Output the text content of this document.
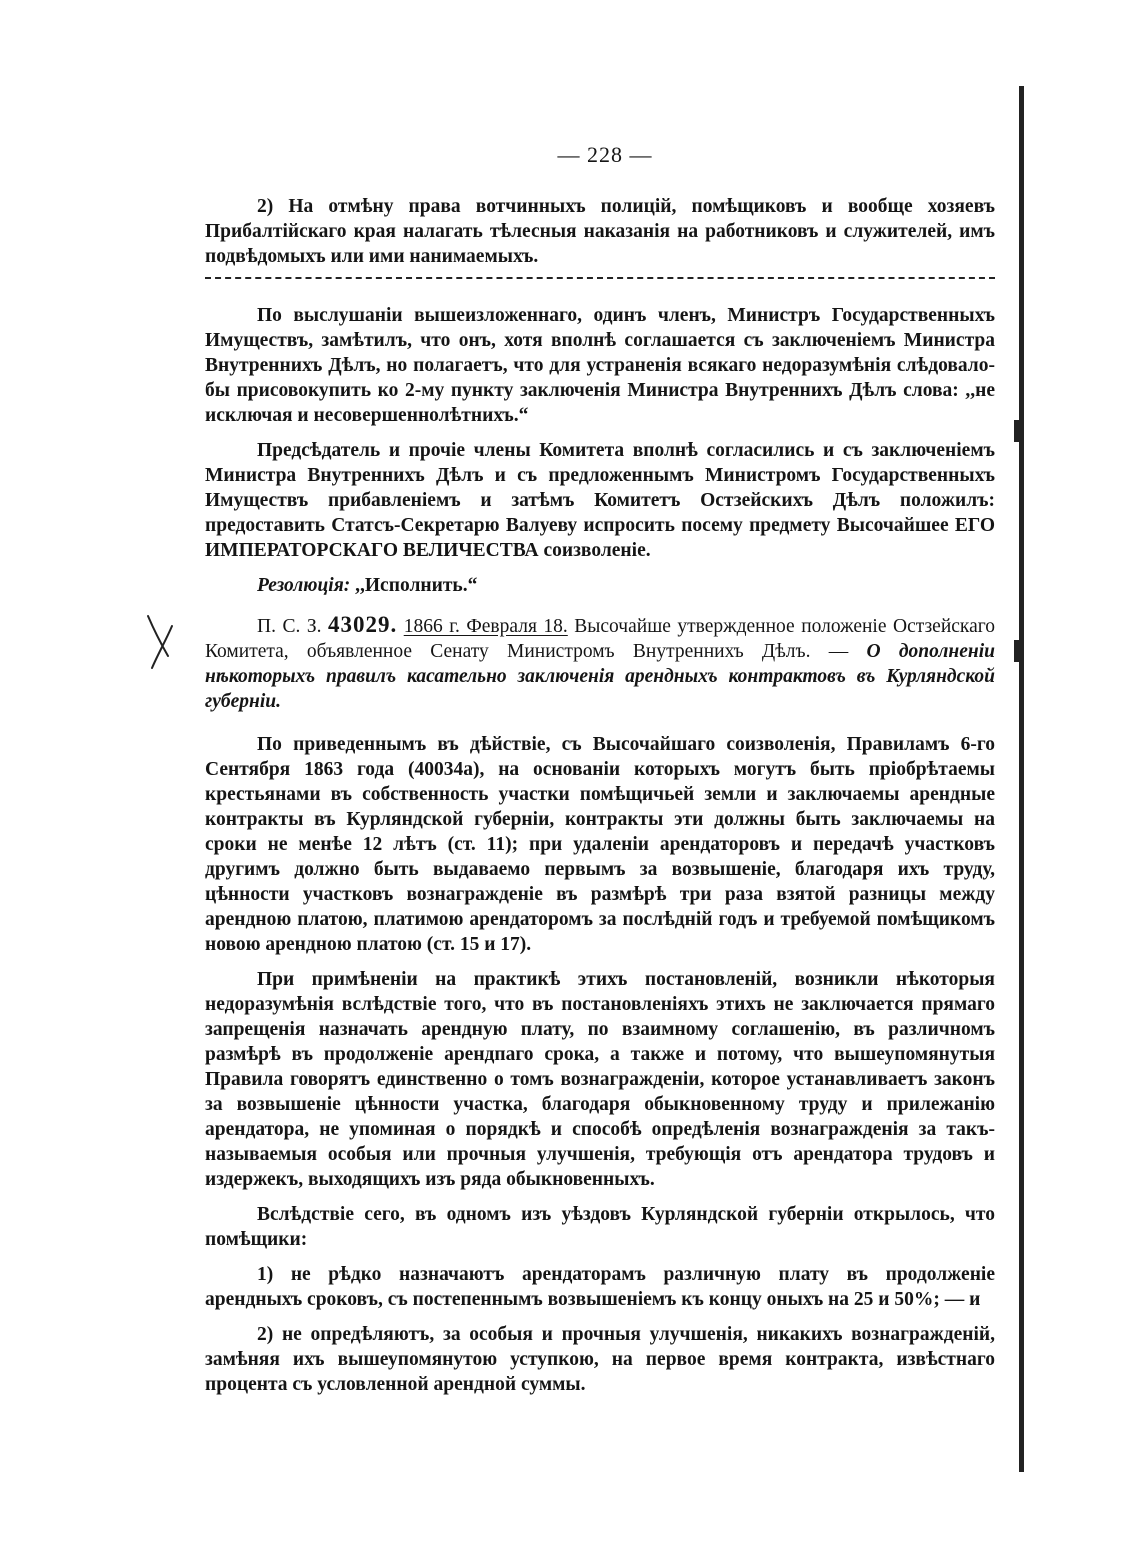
— 228 —

2) На отмѣну права вотчинныхъ полицій, помѣщиковъ и вообще хозяевъ Прибалтійскаго края налагать тѣлесныя наказанія на работниковъ и служителей, имъ подвѣдомыхъ или ими нанимаемыхъ.

По выслушаніи вышеизложеннаго, одинъ членъ, Министръ Государственныхъ Имуществъ, замѣтилъ, что онъ, хотя вполнѣ соглашается съ заключеніемъ Министра Внутреннихъ Дѣлъ, но полагаетъ, что для устраненія всякаго недоразумѣнія слѣдовало-бы присовокупить ко 2-му пункту заключенія Министра Внутреннихъ Дѣлъ слова: ,,не исключая и несовершеннолѣтнихъ.“

Предсѣдатель и прочіе члены Комитета вполнѣ согласились и съ заключеніемъ Министра Внутреннихъ Дѣлъ и съ предложеннымъ Министромъ Государственныхъ Имуществъ прибавленіемъ и затѣмъ Комитетъ Остзейскихъ Дѣлъ положилъ: предоставить Статсъ-Секретарю Валуеву испросить посему предмету Высочайшее ЕГО ИМПЕРАТОРСКАГО ВЕЛИЧЕСТВА соизволеніе.

Резолюція: ,,Исполнить.“

X

П. С. З. 43029. 1866 г. Февраля 18. Высочайше утвержденное положеніе Остзейскаго Комитета, объявленное Сенату Министромъ Внутреннихъ Дѣлъ. — О дополненіи нѣкоторыхъ правилъ касательно заключенія арендныхъ контрактовъ въ Курляндской губерніи.

По приведеннымъ въ дѣйствіе, съ Высочайшаго соизволенія, Правиламъ 6-го Сентября 1863 года (40034а), на основаніи которыхъ могутъ быть пріобрѣтаемы крестьянами въ собственность участки помѣщичьей земли и заключаемы арендные контракты въ Курляндской губерніи, контракты эти должны быть заключаемы на сроки не менѣе 12 лѣтъ (ст. 11); при удаленіи арендаторовъ и передачѣ участковъ другимъ должно быть выдаваемо первымъ за возвышеніе, благодаря ихъ труду, цѣнности участковъ вознагражденіе въ размѣрѣ три раза взятой разницы между арендною платою, платимою арендаторомъ за послѣдній годъ и требуемой помѣщикомъ новою арендною платою (ст. 15 и 17).

При примѣненіи на практикѣ этихъ постановленій, возникли нѣкоторыя недоразумѣнія вслѣдствіе того, что въ постановленіяхъ этихъ не заключается прямаго запрещенія назначать арендную плату, по взаимному соглашенію, въ различномъ размѣрѣ въ продолженіе арендпаго срока, а также и потому, что вышеупомянутыя Правила говорятъ единственно о томъ вознагражденіи, которое устанавливаетъ законъ за возвышеніе цѣнности участка, благодаря обыкновенному труду и прилежанію арендатора, не упоминая о порядкѣ и способѣ опредѣленія вознагражденія за такъ-называемыя особыя или прочныя улучшенія, требующія отъ арендатора трудовъ и издержекъ, выходящихъ изъ ряда обыкновенныхъ.

Вслѣдствіе сего, въ одномъ изъ уѣздовъ Курляндской губерніи открылось, что помѣщики:

1) не рѣдко назначаютъ арендаторамъ различную плату въ продолженіе арендныхъ сроковъ, съ постепеннымъ возвышеніемъ къ концу оныхъ на 25 и 50%; — и

2) не опредѣляютъ, за особыя и прочныя улучшенія, никакихъ вознагражденій, замѣняя ихъ вышеупомянутою уступкою, на первое время контракта, извѣстнаго процента съ условленной арендной суммы.
